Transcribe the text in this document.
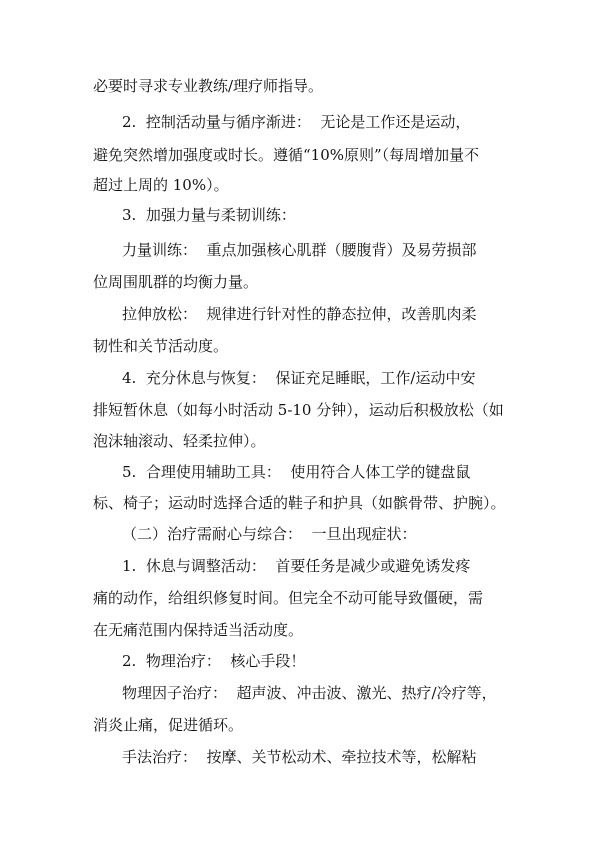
必要时寻求专业教练/理疗师指导。
2.  控制活动量与循序渐进：  无论是工作还是运动，
避免突然增加强度或时长。遵循“10%原则”（每周增加量不
超过上周的 10%）。
3.  加强力量与柔韧训练：
力量训练：  重点加强核心肌群（腰腹背）及易劳损部
位周围肌群的均衡力量。
拉伸放松：  规律进行针对性的静态拉伸，改善肌肉柔
韧性和关节活动度。
4.  充分休息与恢复：  保证充足睡眠，工作/运动中安
排短暂休息（如每小时活动 5-10 分钟），运动后积极放松（如
泡沫轴滚动、轻柔拉伸）。
5.  合理使用辅助工具：  使用符合人体工学的键盘鼠
标、椅子；运动时选择合适的鞋子和护具（如髌骨带、护腕）。
（二）治疗需耐心与综合：  一旦出现症状：
1.  休息与调整活动：  首要任务是减少或避免诱发疼
痛的动作，给组织修复时间。但完全不动可能导致僵硬，需
在无痛范围内保持适当活动度。
2.  物理治疗：  核心手段！
物理因子治疗：  超声波、冲击波、激光、热疗/冷疗等，
消炎止痛，促进循环。
手法治疗：  按摩、关节松动术、牵拉技术等，松解粘
